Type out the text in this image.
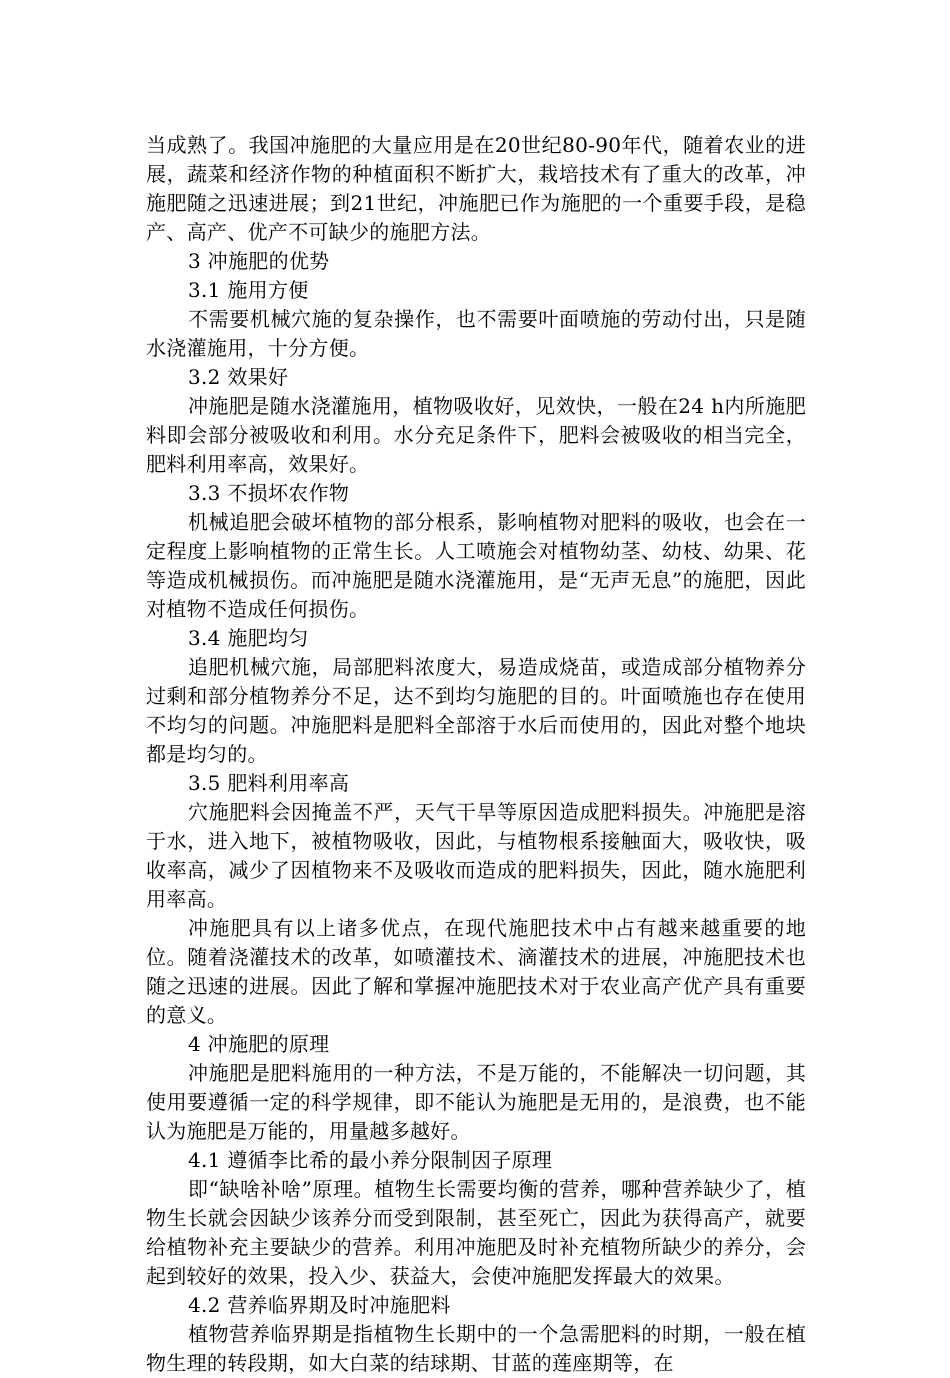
当成熟了。我国冲施肥的大量应用是在20世纪80-90年代，随着农业的进展，蔬菜和经济作物的种植面积不断扩大，栽培技术有了重大的改革，冲施肥随之迅速进展；到21世纪，冲施肥已作为施肥的一个重要手段，是稳产、高产、优产不可缺少的施肥方法。

3 冲施肥的优势

3.1 施用方便

不需要机械穴施的复杂操作，也不需要叶面喷施的劳动付出，只是随水浇灌施用，十分方便。

3.2 效果好

冲施肥是随水浇灌施用，植物吸收好，见效快，一般在24 h内所施肥料即会部分被吸收和利用。水分充足条件下，肥料会被吸收的相当完全，肥料利用率高，效果好。

3.3 不损坏农作物

机械追肥会破坏植物的部分根系，影响植物对肥料的吸收，也会在一定程度上影响植物的正常生长。人工喷施会对植物幼茎、幼枝、幼果、花等造成机械损伤。而冲施肥是随水浇灌施用，是“无声无息”的施肥，因此对植物不造成任何损伤。

3.4 施肥均匀

追肥机械穴施，局部肥料浓度大，易造成烧苗，或造成部分植物养分过剩和部分植物养分不足，达不到均匀施肥的目的。叶面喷施也存在使用不均匀的问题。冲施肥料是肥料全部溶于水后而使用的，因此对整个地块都是均匀的。

3.5 肥料利用率高

穴施肥料会因掩盖不严，天气干旱等原因造成肥料损失。冲施肥是溶于水，进入地下，被植物吸收，因此，与植物根系接触面大，吸收快，吸收率高，减少了因植物来不及吸收而造成的肥料损失，因此，随水施肥利用率高。

冲施肥具有以上诸多优点，在现代施肥技术中占有越来越重要的地位。随着浇灌技术的改革，如喷灌技术、滴灌技术的进展，冲施肥技术也随之迅速的进展。因此了解和掌握冲施肥技术对于农业高产优产具有重要的意义。

4 冲施肥的原理

冲施肥是肥料施用的一种方法，不是万能的，不能解决一切问题，其使用要遵循一定的科学规律，即不能认为施肥是无用的，是浪费，也不能认为施肥是万能的，用量越多越好。

4.1 遵循李比希的最小养分限制因子原理

即“缺啥补啥”原理。植物生长需要均衡的营养，哪种营养缺少了，植物生长就会因缺少该养分而受到限制，甚至死亡，因此为获得高产，就要给植物补充主要缺少的营养。利用冲施肥及时补充植物所缺少的养分，会起到较好的效果，投入少、获益大，会使冲施肥发挥最大的效果。

4.2 营养临界期及时冲施肥料

植物营养临界期是指植物生长期中的一个急需肥料的时期，一般在植物生理的转段期，如大白菜的结球期、甘蓝的莲座期等，在
